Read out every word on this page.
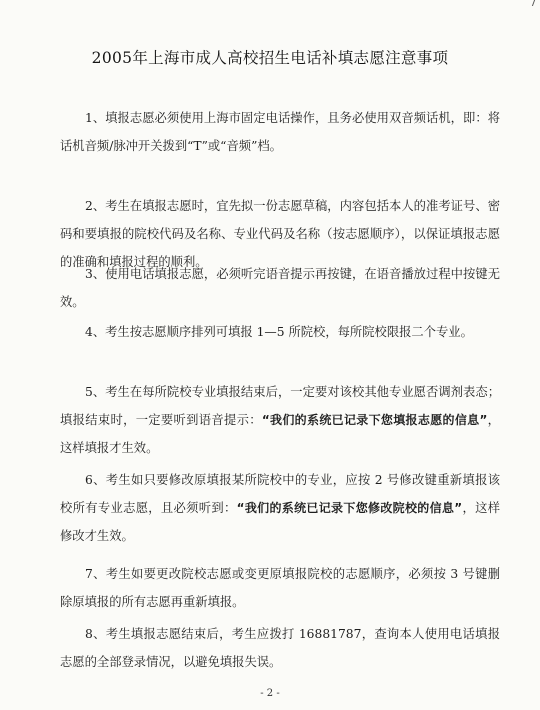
2005年上海市成人高校招生电话补填志愿注意事项

1、填报志愿必须使用上海市固定电话操作，且务必使用双音频话机，即：将话机音频/脉冲开关拨到“T”或“音频”档。

2、考生在填报志愿时，宜先拟一份志愿草稿，内容包括本人的准考证号、密码和要填报的院校代码及名称、专业代码及名称（按志愿顺序），以保证填报志愿的准确和填报过程的顺利。

3、使用电话填报志愿，必须听完语音提示再按键，在语音播放过程中按键无效。

4、考生按志愿顺序排列可填报 1—5 所院校，每所院校限报二个专业。

5、考生在每所院校专业填报结束后，一定要对该校其他专业愿否调剂表态；填报结束时，一定要听到语音提示：“我们的系统已记录下您填报志愿的信息”，这样填报才生效。

6、考生如只要修改原填报某所院校中的专业，应按 2 号修改键重新填报该校所有专业志愿，且必须听到：“我们的系统已记录下您修改院校的信息”，这样修改才生效。

7、考生如要更改院校志愿或变更原填报院校的志愿顺序，必须按 3 号键删除原填报的所有志愿再重新填报。

8、考生填报志愿结束后，考生应拨打 16881787，查询本人使用电话填报志愿的全部登录情况，以避免填报失误。

- 2 -
